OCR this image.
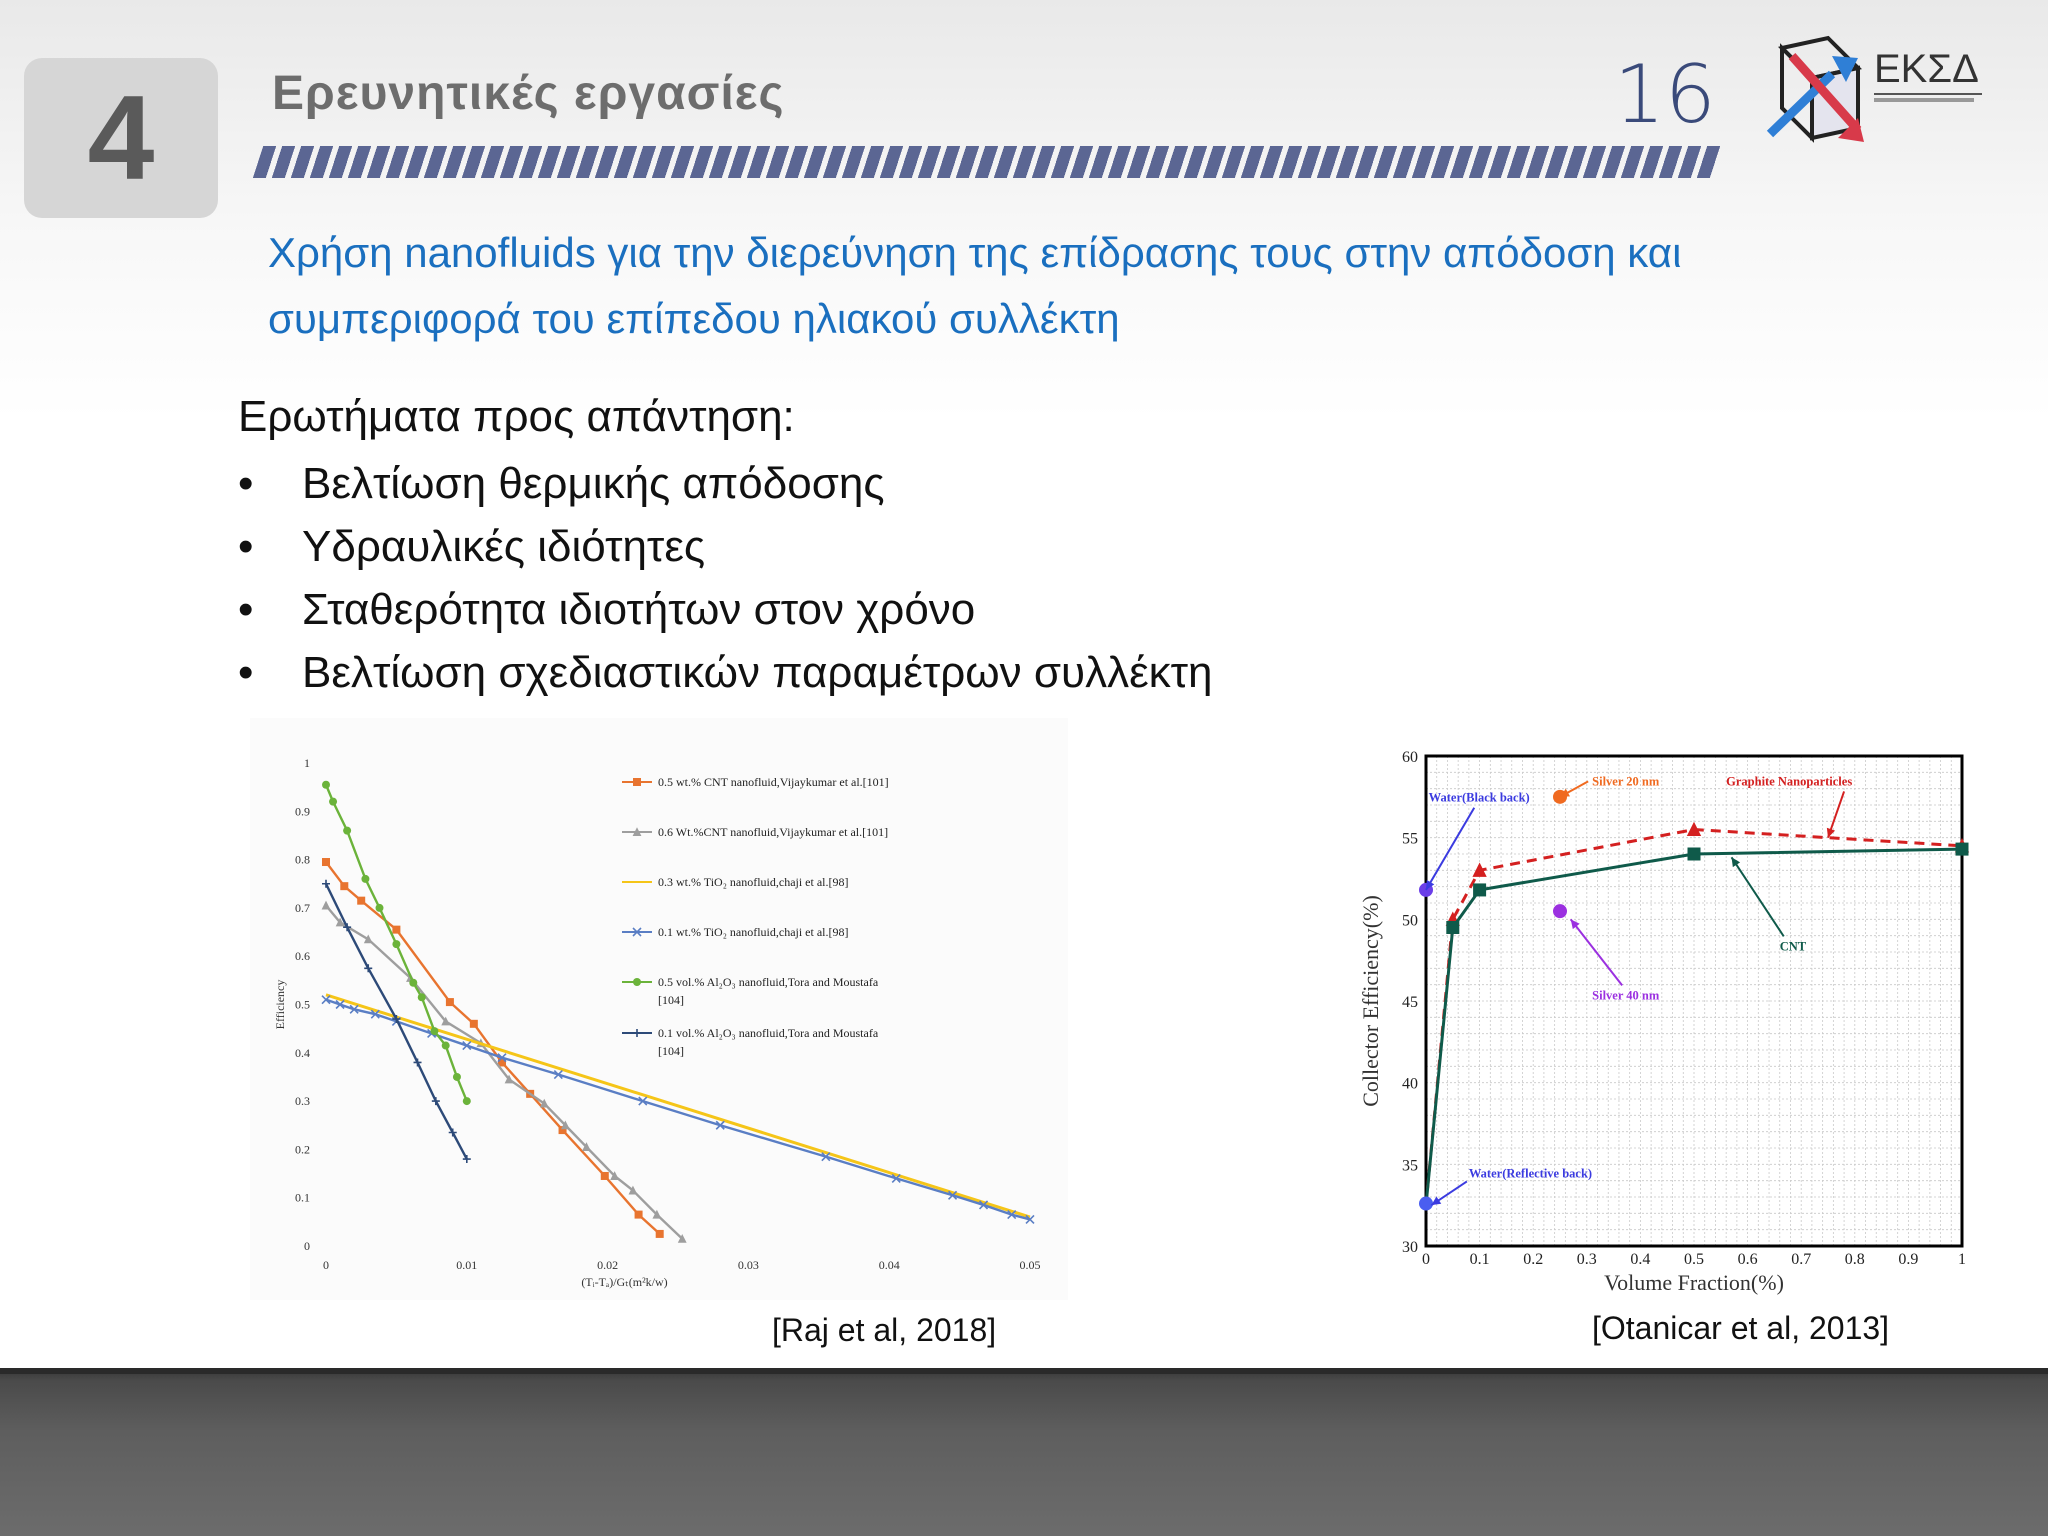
4	Ερευνητικές εργασίες	16	ΕΚΣΔ
Χρήση nanofluids για την διερεύνηση της επίδρασης τους στην απόδοση και
συμπεριφορά του επίπεδου ηλιακού συλλέκτη
Ερωτήματα προς απάντηση:
• Βελτίωση θερμικής απόδοσης
• Υδραυλικές ιδιότητες
• Σταθερότητα ιδιοτήτων στον χρόνο
• Βελτίωση σχεδιαστικών παραμέτρων συλλέκτη
0
0.1
0.2
0.3
0.4
0.5
0.6
0.7
0.8
0.9
1
0	0.01	0.02	0.03	0.04	0.05
(Tᵢ-Tₐ)/Gₜ(m²k/w)
Efficiency
0.5 wt.% CNT nanofluid,Vijaykumar et al.[101]
0.6 Wt.%CNT nanofluid,Vijaykumar et al.[101]
0.3 wt.% TiO₂ nanofluid,chaji et al.[98]
0.1 wt.% TiO₂ nanofluid,chaji et al.[98]
0.5 vol.% Al₂O₃ nanofluid,Tora and Moustafa
[104]
0.1 vol.% Al₂O₃ nanofluid,Tora and Moustafa
[104]
30
35
40
45
50
55
60
0 0.1 0.2 0.3 0.4 0.5 0.6 0.7 0.8 0.9 1
Volume Fraction(%)
Collector Efficiency(%)
Graphite Nanoparticles
Silver 20 nm
Water(Black back)
CNT
Silver 40 nm
Water(Reflective back)
[Raj et al, 2018]	[Otanicar et al, 2013]
